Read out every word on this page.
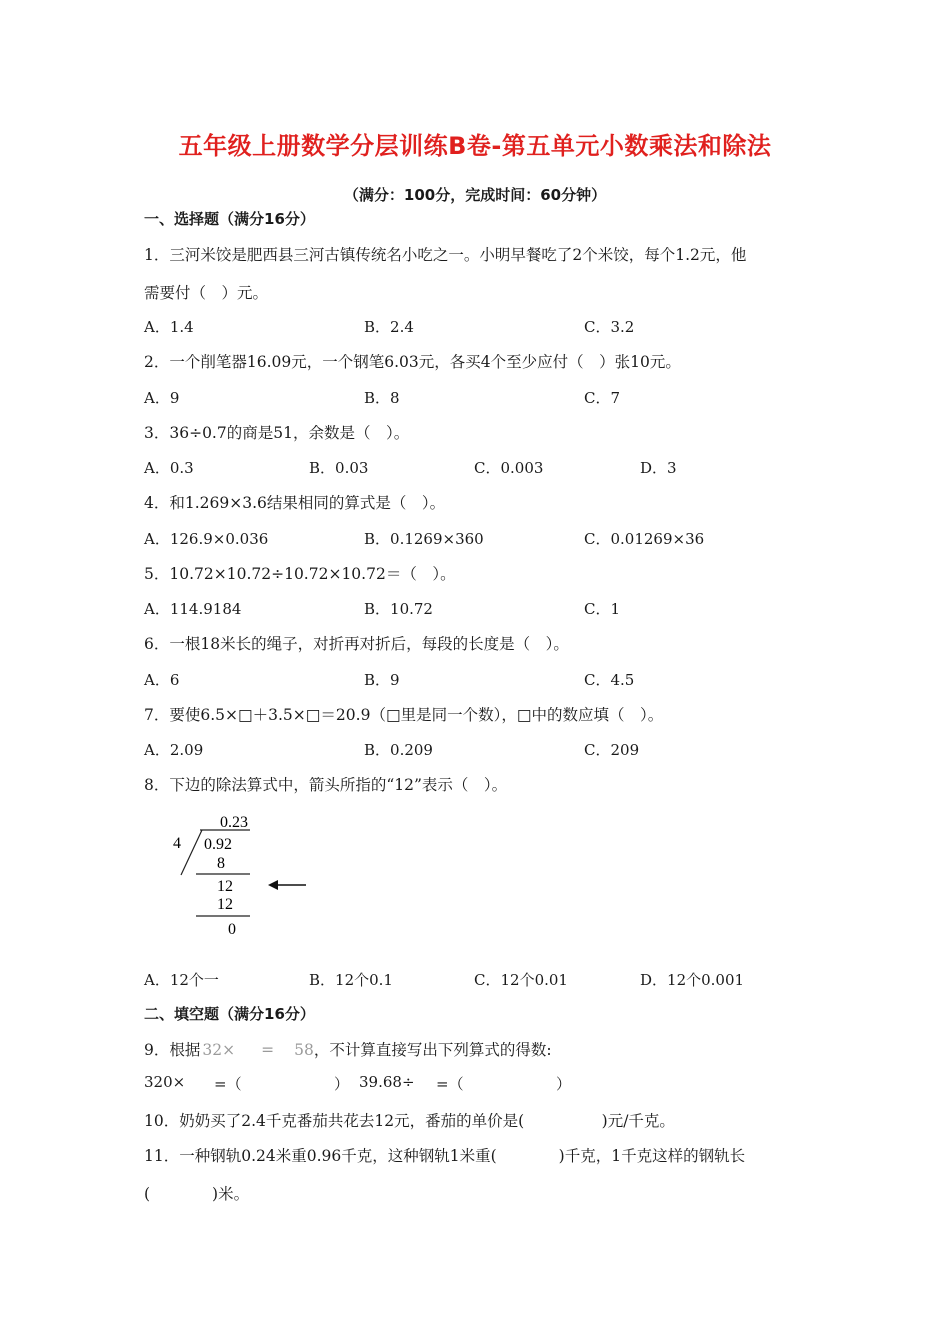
五年级上册数学分层训练B卷-第五单元小数乘法和除法
（满分：100分，完成时间：60分钟）
一、选择题（满分16分）
1．三河米饺是肥西县三河古镇传统名小吃之一。小明早餐吃了2个米饺，每个1.2元，他
需要付（　）元。
A．1.4	B．2.4	C．3.2
2．一个削笔器16.09元，一个钢笔6.03元，各买4个至少应付（　）张10元。
A．9	B．8	C．7
3．36÷0.7的商是51，余数是（　）。
A．0.3	B．0.03	C．0.003	D．3
4．和1.269×3.6结果相同的算式是（　）。
A．126.9×0.036	B．0.1269×360	C．0.01269×36
5．10.72×10.72÷10.72×10.72＝（　）。
A．114.9184	B．10.72	C．1
6．一根18米长的绳子，对折再对折后，每段的长度是（　）。
A．6	B．9	C．4.5
7．要使6.5×□＋3.5×□＝20.9（□里是同一个数），□中的数应填（　）。
A．2.09	B．0.209	C．209
8．下边的除法算式中，箭头所指的“12”表示（　）。
0.23
4 0.92
8
12
12
0
A．12个一	B．12个0.1	C．12个0.01	D．12个0.001
二、填空题（满分16分）
9．根据 32× = 58，不计算直接写出下列算式的得数:
320× =（	） 39.68÷ =（	）
10．奶奶买了2.4千克番茄共花去12元，番茄的单价是(　　　　　)元/千克。
11．一种钢轨0.24米重0.96千克，这种钢轨1米重(　　　　)千克，1千克这样的钢轨长
(　　　　)米。
